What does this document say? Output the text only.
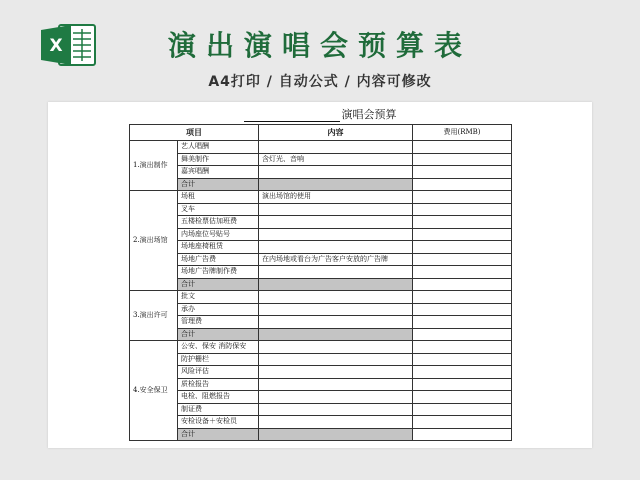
X	演出演唱会预算表
A4打印 / 自动公式 / 内容可修改
演唱会预算
项目		内容	费用(RMB)
1.演出制作	艺人唱酬		
	舞美制作	含灯光、音响	
	嘉宾唱酬		
	合计		
2.演出场馆	场租	演出场馆的使用	
	叉车		
	五楼检票估加班费		
	内场座位号贴号		
	场地座椅租赁		
	场地广告费	在内场地或看台为广告客户安放的广告牌	
	场地广告牌制作费		
	合计		
3.演出许可	批文		
	承办		
	管理费		
	合计		
4.安全保卫	公安、保安 消防保安		
	防护栅栏		
	风险评估		
	质检报告		
	电检、阻燃报告		
	制证费		
	安检设备＋安检员		
	合计		
